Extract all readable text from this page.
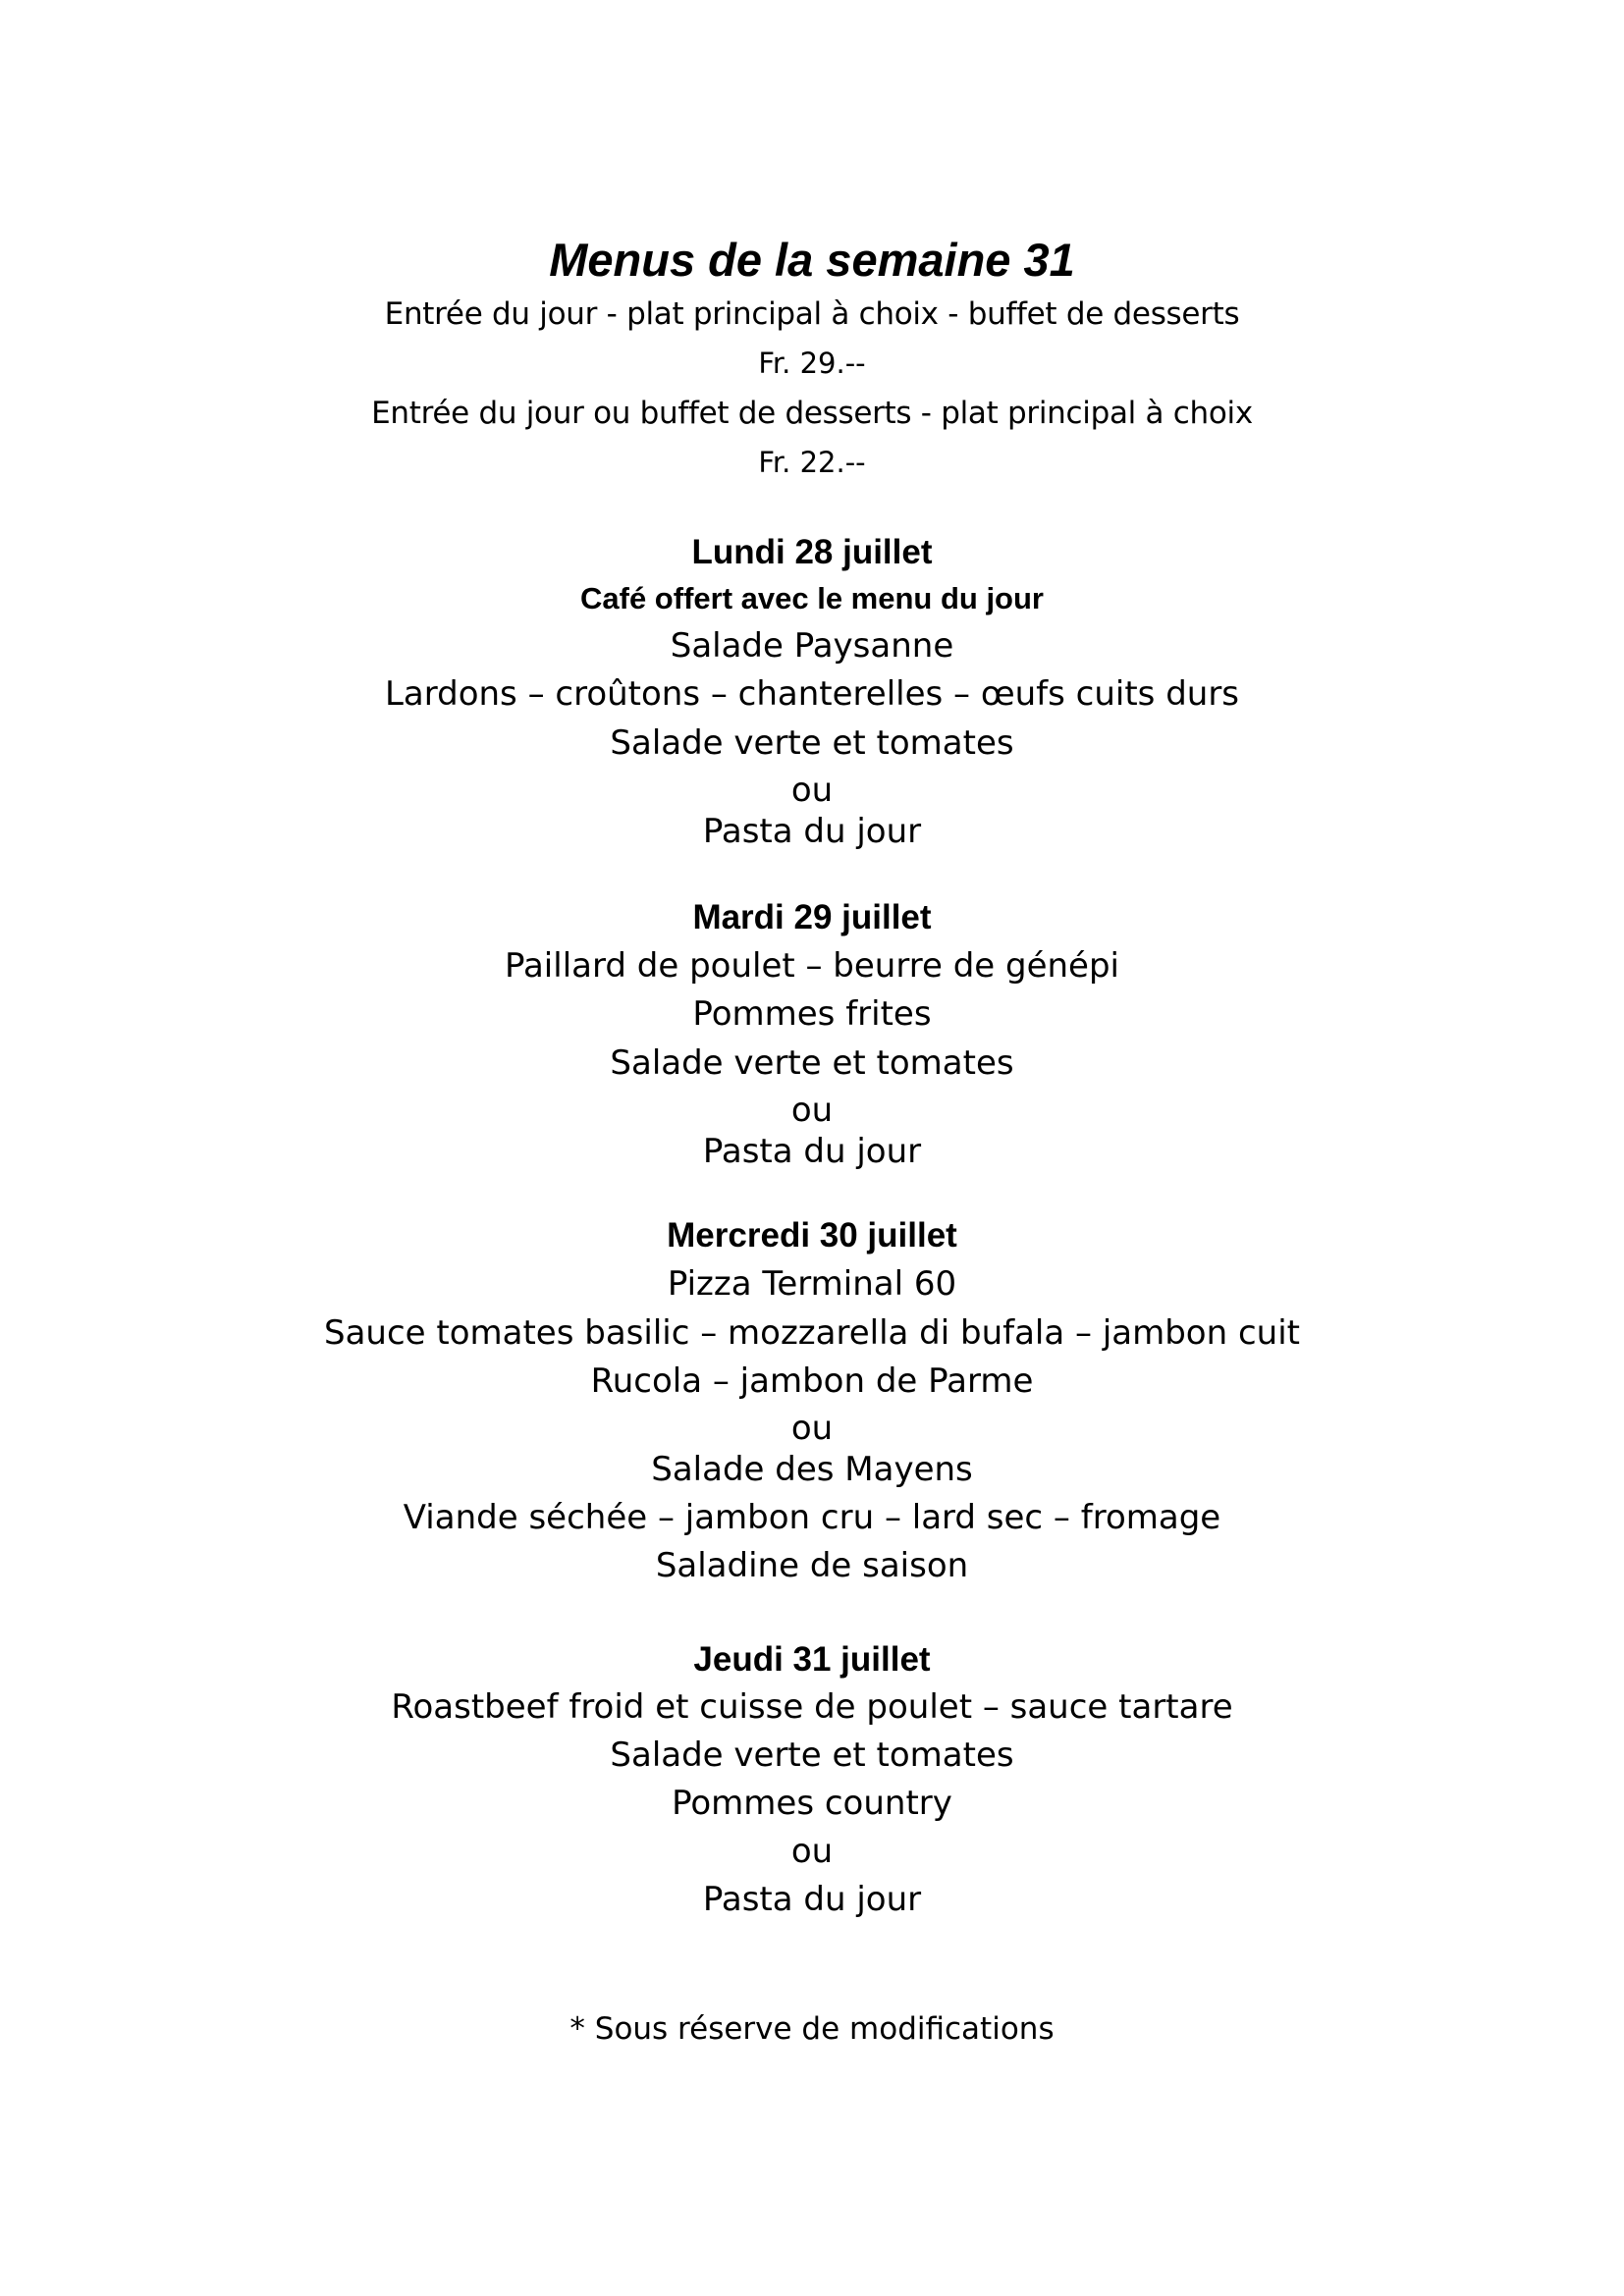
Menus de la semaine 31
Entrée du jour - plat principal à choix - buffet de desserts
Fr. 29.--
Entrée du jour ou buffet de desserts - plat principal à choix
Fr. 22.--
Lundi 28 juillet
Café offert avec le menu du jour
Salade Paysanne
Lardons – croûtons – chanterelles – œufs cuits durs
Salade verte et tomates
ou
Pasta du jour
Mardi 29 juillet
Paillard de poulet – beurre de génépi
Pommes frites
Salade verte et tomates
ou
Pasta du jour
Mercredi 30 juillet
Pizza Terminal 60
Sauce tomates basilic – mozzarella di bufala – jambon cuit
Rucola – jambon de Parme
ou
Salade des Mayens
Viande séchée – jambon cru – lard sec – fromage
Saladine de saison
Jeudi 31 juillet
Roastbeef froid et cuisse de poulet – sauce tartare
Salade verte et tomates
Pommes country
ou
Pasta du jour
* Sous réserve de modifications
